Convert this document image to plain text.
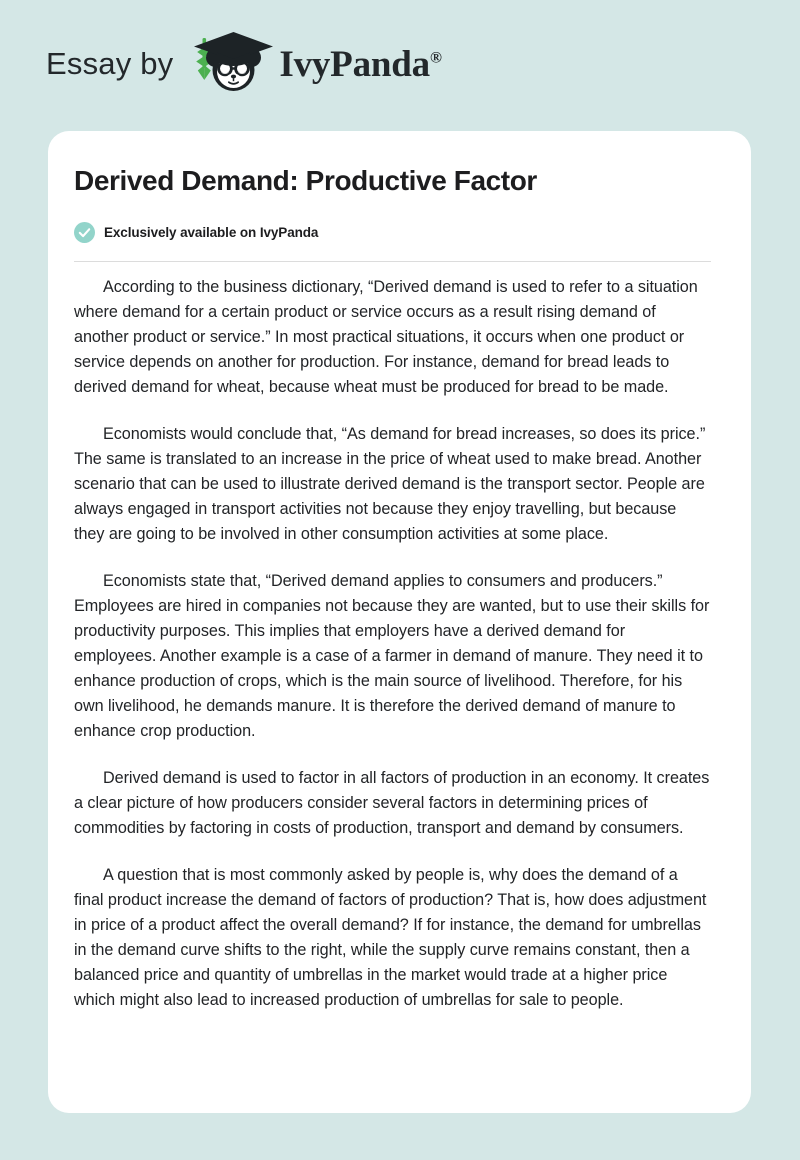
Essay by	IvyPanda®
Derived Demand: Productive Factor
Exclusively available on IvyPanda

According to the business dictionary, “Derived demand is used to refer to a situation where demand for a certain product or service occurs as a result rising demand of another product or service.” In most practical situations, it occurs when one product or service depends on another for production. For instance, demand for bread leads to derived demand for wheat, because wheat must be produced for bread to be made.

Economists would conclude that, “As demand for bread increases, so does its price.” The same is translated to an increase in the price of wheat used to make bread. Another scenario that can be used to illustrate derived demand is the transport sector. People are always engaged in transport activities not because they enjoy travelling, but because they are going to be involved in other consumption activities at some place.

Economists state that, “Derived demand applies to consumers and producers.” Employees are hired in companies not because they are wanted, but to use their skills for productivity purposes. This implies that employers have a derived demand for employees. Another example is a case of a farmer in demand of manure. They need it to enhance production of crops, which is the main source of livelihood. Therefore, for his own livelihood, he demands manure. It is therefore the derived demand of manure to enhance crop production.

Derived demand is used to factor in all factors of production in an economy. It creates a clear picture of how producers consider several factors in determining prices of commodities by factoring in costs of production, transport and demand by consumers.

A question that is most commonly asked by people is, why does the demand of a final product increase the demand of factors of production? That is, how does adjustment in price of a product affect the overall demand? If for instance, the demand for umbrellas in the demand curve shifts to the right, while the supply curve remains constant, then a balanced price and quantity of umbrellas in the market would trade at a higher price which might also lead to increased production of umbrellas for sale to people.
